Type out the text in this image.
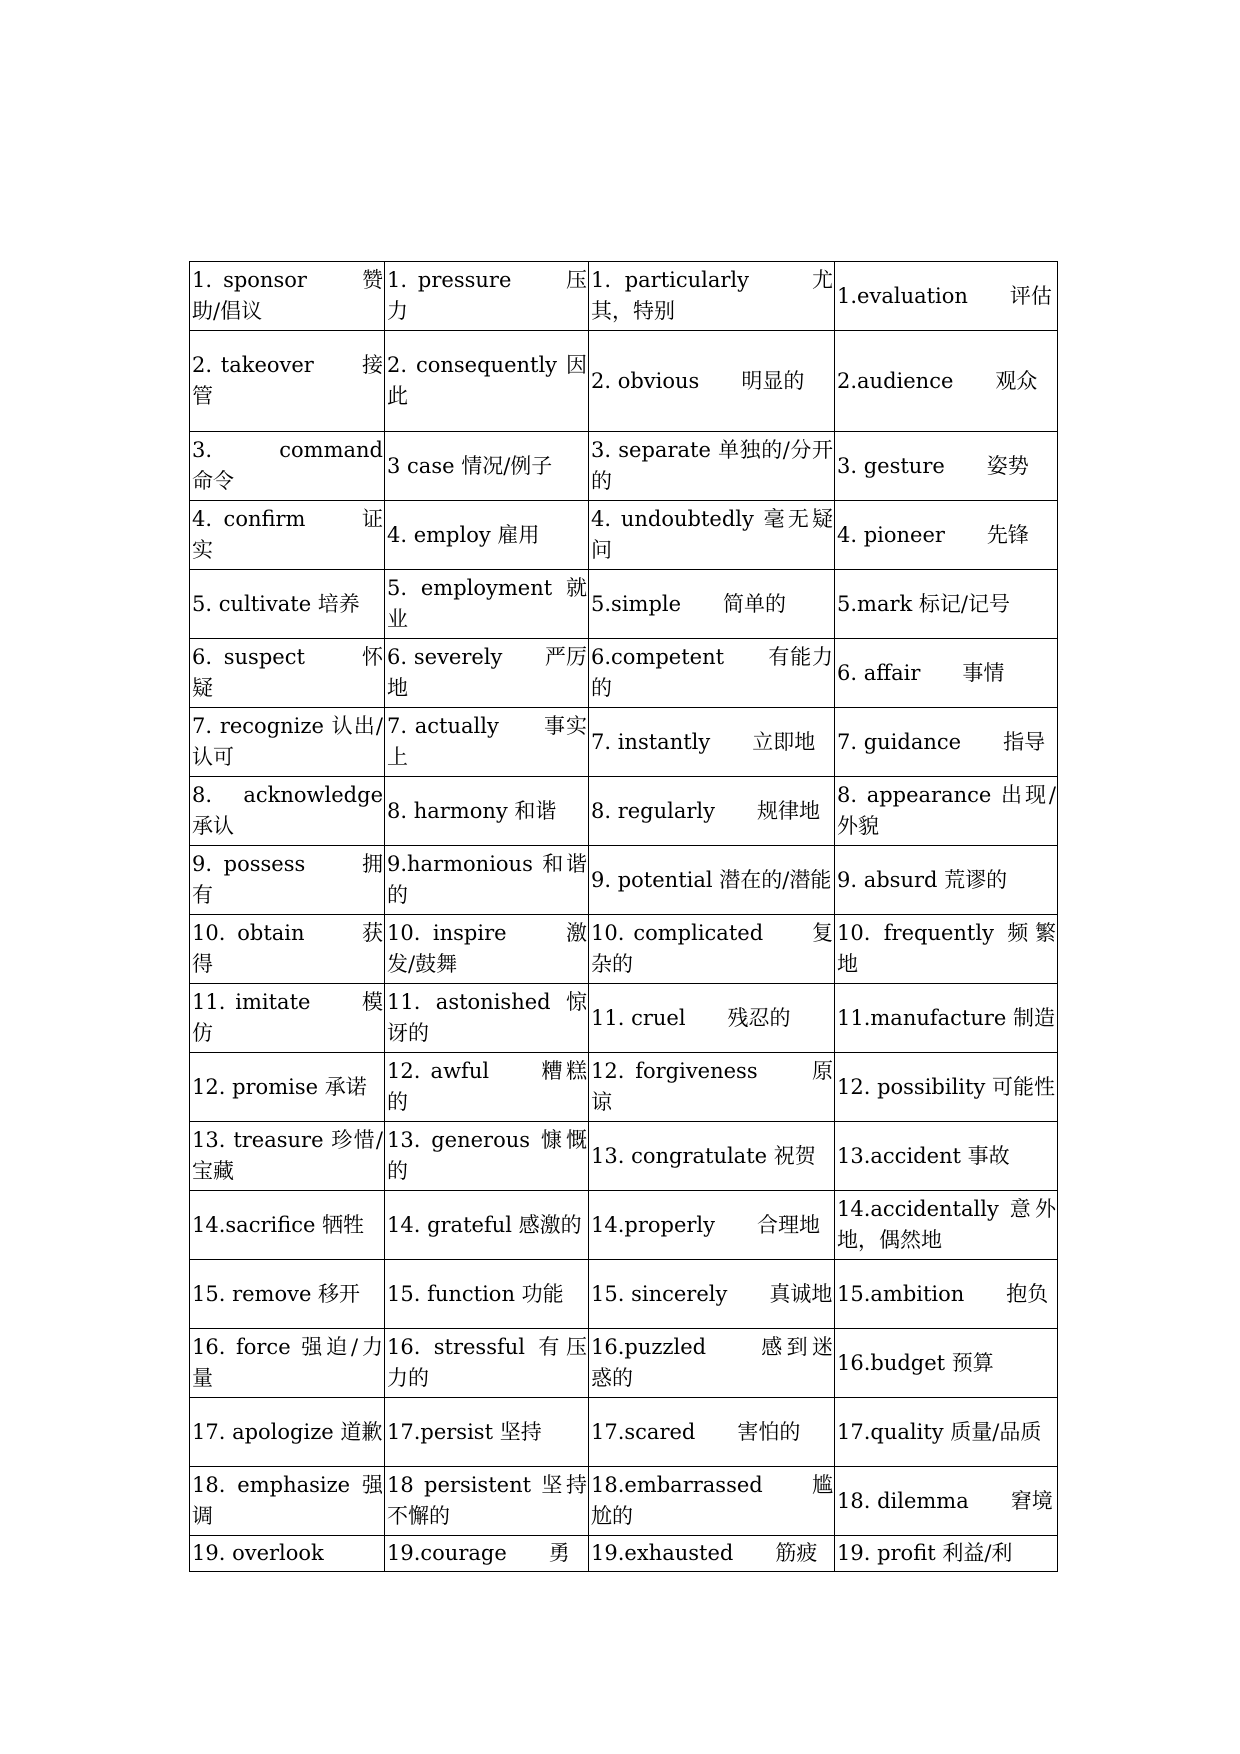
1. sponsor　　赞助/倡议	1. pressure　　压力	1. particularly　　尤其，特别	1.evaluation　　评估
2. takeover　　接管	2. consequently 因此	2. obvious　　明显的	2.audience　　观众
3. command　　命令	3 case 情况/例子	3. separate 单独的/分开的	3. gesture　　姿势
4. confirm　　证实	4. employ 雇用	4. undoubtedly 毫无疑问	4. pioneer　　先锋
5. cultivate 培养	5. employment 就业	5.simple　　简单的	5.mark 标记/记号
6. suspect　　怀疑	6. severely　　严厉地	6.competent　　有能力的	6. affair　　事情
7. recognize 认出/认可	7. actually　　事实上	7. instantly　　立即地	7. guidance　　指导
8. acknowledge 承认	8. harmony 和谐	8. regularly　　规律地	8. appearance 出现/外貌
9. possess　　拥有	9.harmonious 和谐的	9. potential 潜在的/潜能	9. absurd 荒谬的
10. obtain　　获得	10. inspire　　激发/鼓舞	10. complicated　　复杂的	10. frequently 频繁地
11. imitate　　模仿	11. astonished 惊讶的	11. cruel　　残忍的	11.manufacture 制造
12. promise 承诺	12. awful　　糟糕的	12. forgiveness　　原谅	12. possibility 可能性
13. treasure 珍惜/宝藏	13. generous 慷慨的	13. congratulate 祝贺	13.accident 事故
14.sacrifice 牺牲	14. grateful 感激的	14.properly　　合理地	14.accidentally 意外地，偶然地
15. remove 移开	15. function 功能	15. sincerely　　真诚地	15.ambition　　抱负
16. force 强迫/力量	16. stressful 有压力的	16.puzzled　　感到迷　　惑的	16.budget 预算
17. apologize 道歉	17.persist 坚持	17.scared　　害怕的	17.quality 质量/品质
18. emphasize 强调	18 persistent 坚持不懈的	18.embarrassed　　尴尬的	18. dilemma　　窘境
19. overlook	19.courage　　勇	19.exhausted　　筋疲	19. profit 利益/利
